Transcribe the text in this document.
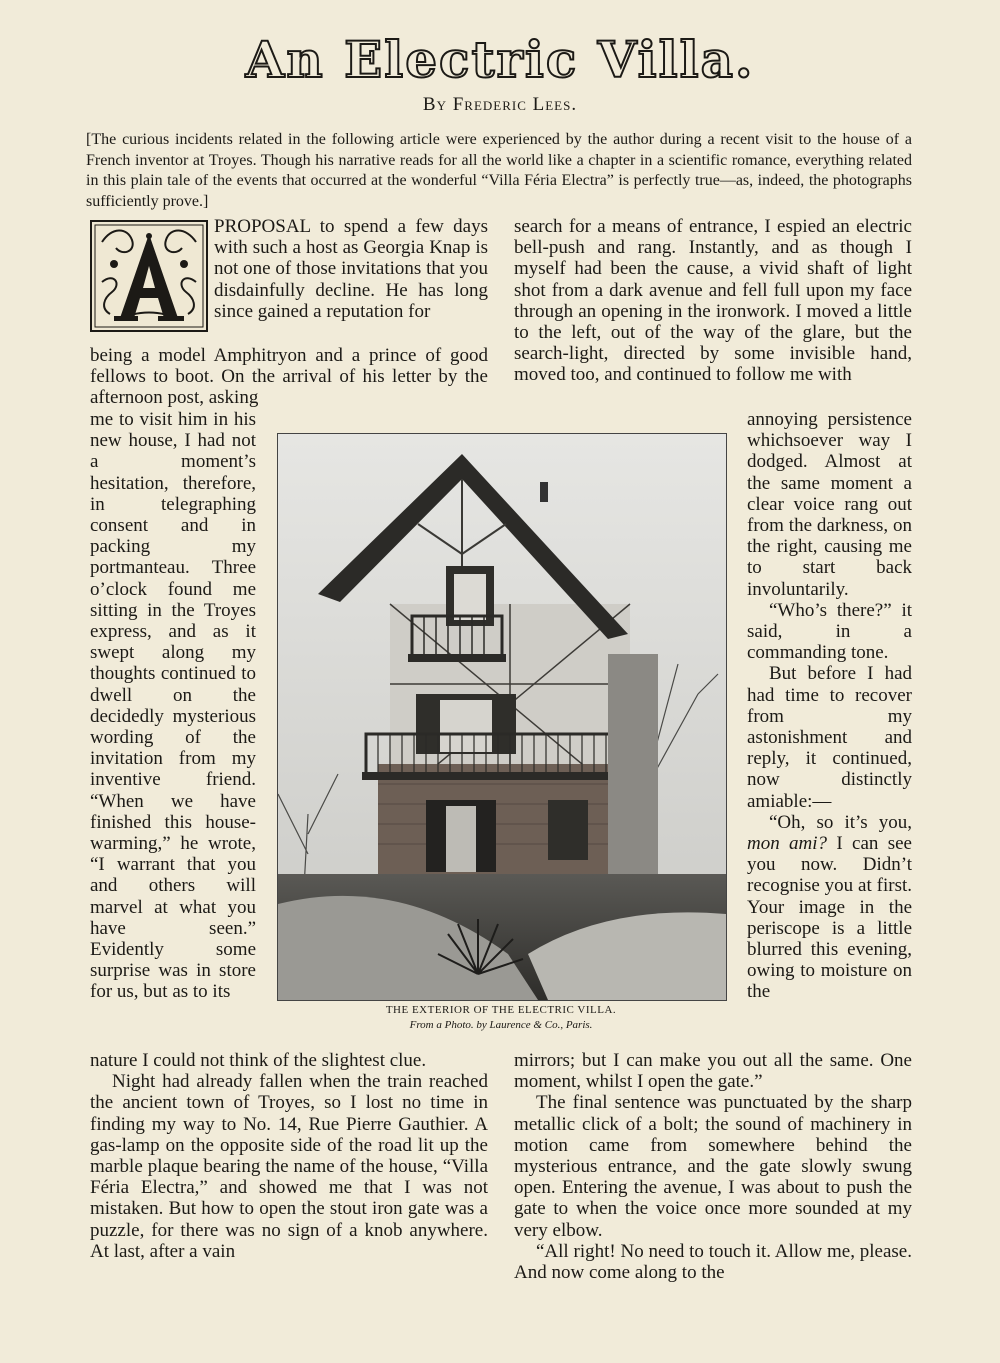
An Electric Villa.
By Frederic Lees.
[The curious incidents related in the following article were experienced by the author during a recent visit to the house of a French inventor at Troyes. Though his narrative reads for all the world like a chapter in a scientific romance, everything related in this plain tale of the events that occurred at the wonderful “Villa Féria Electra” is perfectly true—as, indeed, the photographs sufficiently prove.]

PROPOSAL to spend a few days with such a host as Georgia Knap is not one of those invitations that you disdainfully decline. He has long since gained a reputation for

being a model Amphitryon and a prince of good fellows to boot. On the arrival of his letter by the afternoon post, asking

me to visit him in his new house, I had not a moment’s hesitation, therefore, in telegraphing consent and in packing my portmanteau. Three o’clock found me sitting in the Troyes express, and as it swept along my thoughts continued to dwell on the decidedly mysterious wording of the invitation from my inventive friend. “When we have finished this house-warming,” he wrote, “I warrant that you and others will marvel at what you have seen.” Evidently some surprise was in store for us, but as to its

nature I could not think of the slightest clue.

Night had already fallen when the train reached the ancient town of Troyes, so I lost no time in finding my way to No. 14, Rue Pierre Gauthier. A gas-lamp on the opposite side of the road lit up the marble plaque bearing the name of the house, “Villa Féria Electra,” and showed me that I was not mistaken. But how to open the stout iron gate was a puzzle, for there was no sign of a knob anywhere. At last, after a vain

search for a means of entrance, I espied an electric bell-push and rang. Instantly, and as though I myself had been the cause, a vivid shaft of light shot from a dark avenue and fell full upon my face through an opening in the ironwork. I moved a little to the left, out of the way of the glare, but the search-light, directed by some invisible hand, moved too, and continued to follow me with

annoying persistence whichsoever way I dodged. Almost at the same moment a clear voice rang out from the darkness, on the right, causing me to start back involuntarily.

“Who’s there?” it said, in a commanding tone.

But before I had had time to recover from my astonishment and reply, it continued, now distinctly amiable:—

“Oh, so it’s you, mon ami? I can see you now. Didn’t recognise you at first. Your image in the periscope is a little blurred this evening, owing to moisture on the

mirrors; but I can make you out all the same. One moment, whilst I open the gate.”

The final sentence was punctuated by the sharp metallic click of a bolt; the sound of machinery in motion came from somewhere behind the mysterious entrance, and the gate slowly swung open. Entering the avenue, I was about to push the gate to when the voice once more sounded at my very elbow.

“All right! No need to touch it. Allow me, please. And now come along to the

THE EXTERIOR OF THE ELECTRIC VILLA.
From a Photo. by Laurence & Co., Paris.
